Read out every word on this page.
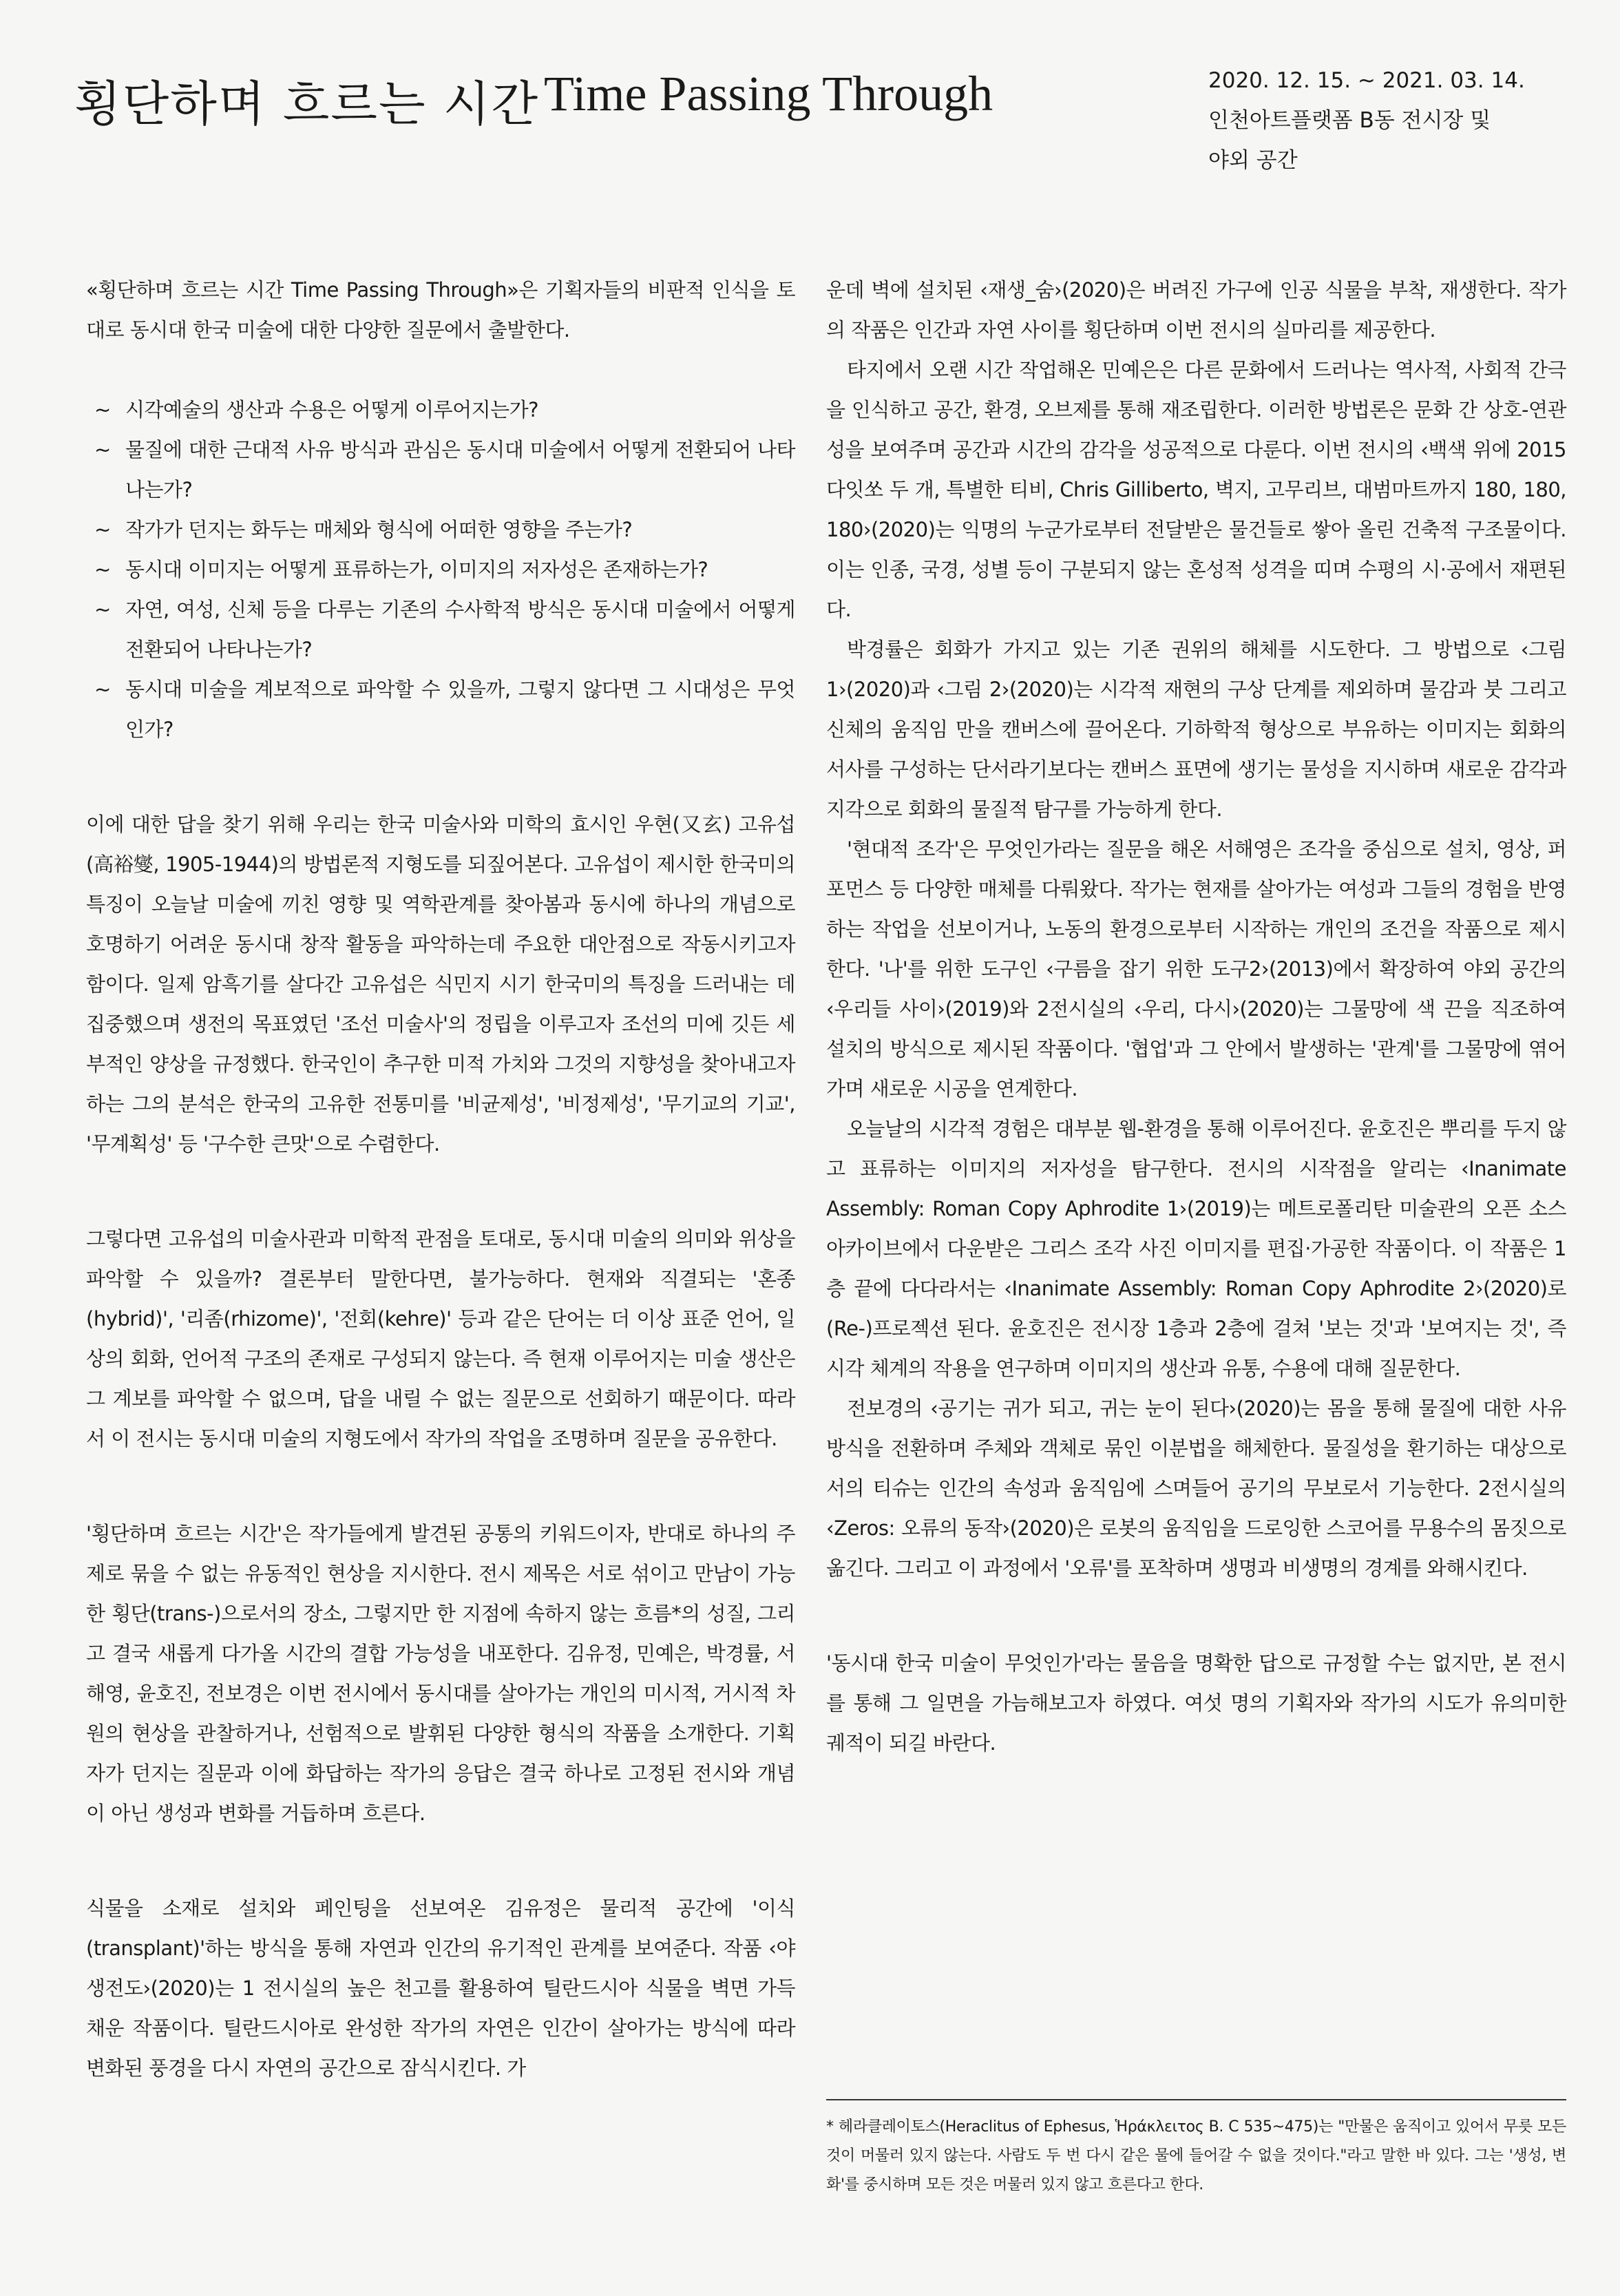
횡단하며 흐르는 시간 Time Passing Through	2020. 12. 15. ~ 2021. 03. 14.
인천아트플랫폼 B동 전시장 및
야외 공간

«횡단하며 흐르는 시간 Time Passing Through»은 기획자들의 비판적 인식을 토대로 동시대 한국 미술에 대한 다양한 질문에서 출발한다.

~ 시각예술의 생산과 수용은 어떻게 이루어지는가?
~ 물질에 대한 근대적 사유 방식과 관심은 동시대 미술에서 어떻게 전환되어 나타나는가?
~ 작가가 던지는 화두는 매체와 형식에 어떠한 영향을 주는가?
~ 동시대 이미지는 어떻게 표류하는가, 이미지의 저자성은 존재하는가?
~ 자연, 여성, 신체 등을 다루는 기존의 수사학적 방식은 동시대 미술에서 어떻게 전환되어 나타나는가?
~ 동시대 미술을 계보적으로 파악할 수 있을까, 그렇지 않다면 그 시대성은 무엇인가?

이에 대한 답을 찾기 위해 우리는 한국 미술사와 미학의 효시인 우현(又玄) 고유섭(高裕燮, 1905-1944)의 방법론적 지형도를 되짚어본다. 고유섭이 제시한 한국미의 특징이 오늘날 미술에 끼친 영향 및 역학관계를 찾아봄과 동시에 하나의 개념으로 호명하기 어려운 동시대 창작 활동을 파악하는데 주요한 대안점으로 작동시키고자 함이다. 일제 암흑기를 살다간 고유섭은 식민지 시기 한국미의 특징을 드러내는 데 집중했으며 생전의 목표였던 '조선 미술사'의 정립을 이루고자 조선의 미에 깃든 세부적인 양상을 규정했다. 한국인이 추구한 미적 가치와 그것의 지향성을 찾아내고자 하는 그의 분석은 한국의 고유한 전통미를 '비균제성', '비정제성', '무기교의 기교', '무계획성' 등 '구수한 큰맛'으로 수렴한다.

그렇다면 고유섭의 미술사관과 미학적 관점을 토대로, 동시대 미술의 의미와 위상을 파악할 수 있을까? 결론부터 말한다면, 불가능하다. 현재와 직결되는 '혼종(hybrid)', '리좀(rhizome)', '전회(kehre)' 등과 같은 단어는 더 이상 표준 언어, 일상의 회화, 언어적 구조의 존재로 구성되지 않는다. 즉 현재 이루어지는 미술 생산은 그 계보를 파악할 수 없으며, 답을 내릴 수 없는 질문으로 선회하기 때문이다. 따라서 이 전시는 동시대 미술의 지형도에서 작가의 작업을 조명하며 질문을 공유한다.

'횡단하며 흐르는 시간'은 작가들에게 발견된 공통의 키워드이자, 반대로 하나의 주제로 묶을 수 없는 유동적인 현상을 지시한다. 전시 제목은 서로 섞이고 만남이 가능한 횡단(trans-)으로서의 장소, 그렇지만 한 지점에 속하지 않는 흐름*의 성질, 그리고 결국 새롭게 다가올 시간의 결합 가능성을 내포한다. 김유정, 민예은, 박경률, 서해영, 윤호진, 전보경은 이번 전시에서 동시대를 살아가는 개인의 미시적, 거시적 차원의 현상을 관찰하거나, 선험적으로 발휘된 다양한 형식의 작품을 소개한다. 기획자가 던지는 질문과 이에 화답하는 작가의 응답은 결국 하나로 고정된 전시와 개념이 아닌 생성과 변화를 거듭하며 흐른다.

식물을 소재로 설치와 페인팅을 선보여온 김유정은 물리적 공간에 '이식(transplant)'하는 방식을 통해 자연과 인간의 유기적인 관계를 보여준다. 작품 ‹야생전도›(2020)는 1 전시실의 높은 천고를 활용하여 틸란드시아 식물을 벽면 가득 채운 작품이다. 틸란드시아로 완성한 작가의 자연은 인간이 살아가는 방식에 따라 변화된 풍경을 다시 자연의 공간으로 잠식시킨다. 가

운데 벽에 설치된 ‹재생_숨›(2020)은 버려진 가구에 인공 식물을 부착, 재생한다. 작가의 작품은 인간과 자연 사이를 횡단하며 이번 전시의 실마리를 제공한다.

타지에서 오랜 시간 작업해온 민예은은 다른 문화에서 드러나는 역사적, 사회적 간극을 인식하고 공간, 환경, 오브제를 통해 재조립한다. 이러한 방법론은 문화 간 상호-연관성을 보여주며 공간과 시간의 감각을 성공적으로 다룬다. 이번 전시의 ‹백색 위에 2015다잇쏘 두 개, 특별한 티비, Chris Gilliberto, 벽지, 고무리브, 대범마트까지 180, 180, 180›(2020)는 익명의 누군가로부터 전달받은 물건들로 쌓아 올린 건축적 구조물이다. 이는 인종, 국경, 성별 등이 구분되지 않는 혼성적 성격을 띠며 수평의 시·공에서 재편된다.

박경률은 회화가 가지고 있는 기존 권위의 해체를 시도한다. 그 방법으로 ‹그림 1›(2020)과 ‹그림 2›(2020)는 시각적 재현의 구상 단계를 제외하며 물감과 붓 그리고 신체의 움직임 만을 캔버스에 끌어온다. 기하학적 형상으로 부유하는 이미지는 회화의 서사를 구성하는 단서라기보다는 캔버스 표면에 생기는 물성을 지시하며 새로운 감각과 지각으로 회화의 물질적 탐구를 가능하게 한다.

'현대적 조각'은 무엇인가라는 질문을 해온 서해영은 조각을 중심으로 설치, 영상, 퍼포먼스 등 다양한 매체를 다뤄왔다. 작가는 현재를 살아가는 여성과 그들의 경험을 반영하는 작업을 선보이거나, 노동의 환경으로부터 시작하는 개인의 조건을 작품으로 제시한다. '나'를 위한 도구인 ‹구름을 잡기 위한 도구2›(2013)에서 확장하여 야외 공간의 ‹우리들 사이›(2019)와 2전시실의 ‹우리, 다시›(2020)는 그물망에 색 끈을 직조하여 설치의 방식으로 제시된 작품이다. '협업'과 그 안에서 발생하는 '관계'를 그물망에 엮어가며 새로운 시공을 연계한다.

오늘날의 시각적 경험은 대부분 웹-환경을 통해 이루어진다. 윤호진은 뿌리를 두지 않고 표류하는 이미지의 저자성을 탐구한다. 전시의 시작점을 알리는 ‹Inanimate Assembly: Roman Copy Aphrodite 1›(2019)는 메트로폴리탄 미술관의 오픈 소스 아카이브에서 다운받은 그리스 조각 사진 이미지를 편집·가공한 작품이다. 이 작품은 1층 끝에 다다라서는 ‹Inanimate Assembly: Roman Copy Aphrodite 2›(2020)로 (Re-)프로젝션 된다. 윤호진은 전시장 1층과 2층에 걸쳐 '보는 것'과 '보여지는 것', 즉 시각 체계의 작용을 연구하며 이미지의 생산과 유통, 수용에 대해 질문한다.

전보경의 ‹공기는 귀가 되고, 귀는 눈이 된다›(2020)는 몸을 통해 물질에 대한 사유 방식을 전환하며 주체와 객체로 묶인 이분법을 해체한다. 물질성을 환기하는 대상으로서의 티슈는 인간의 속성과 움직임에 스며들어 공기의 무보로서 기능한다. 2전시실의 ‹Zeros: 오류의 동작›(2020)은 로봇의 움직임을 드로잉한 스코어를 무용수의 몸짓으로 옮긴다. 그리고 이 과정에서 '오류'를 포착하며 생명과 비생명의 경계를 와해시킨다.

'동시대 한국 미술이 무엇인가'라는 물음을 명확한 답으로 규정할 수는 없지만, 본 전시를 통해 그 일면을 가늠해보고자 하였다. 여섯 명의 기획자와 작가의 시도가 유의미한 궤적이 되길 바란다.

* 헤라클레이토스(Heraclitus of Ephesus, Ἡράκλειτος B. C 535~475)는 "만물은 움직이고 있어서 무릇 모든 것이 머물러 있지 않는다. 사람도 두 번 다시 같은 물에 들어갈 수 없을 것이다."라고 말한 바 있다. 그는 '생성, 변화'를 중시하며 모든 것은 머물러 있지 않고 흐른다고 한다.
